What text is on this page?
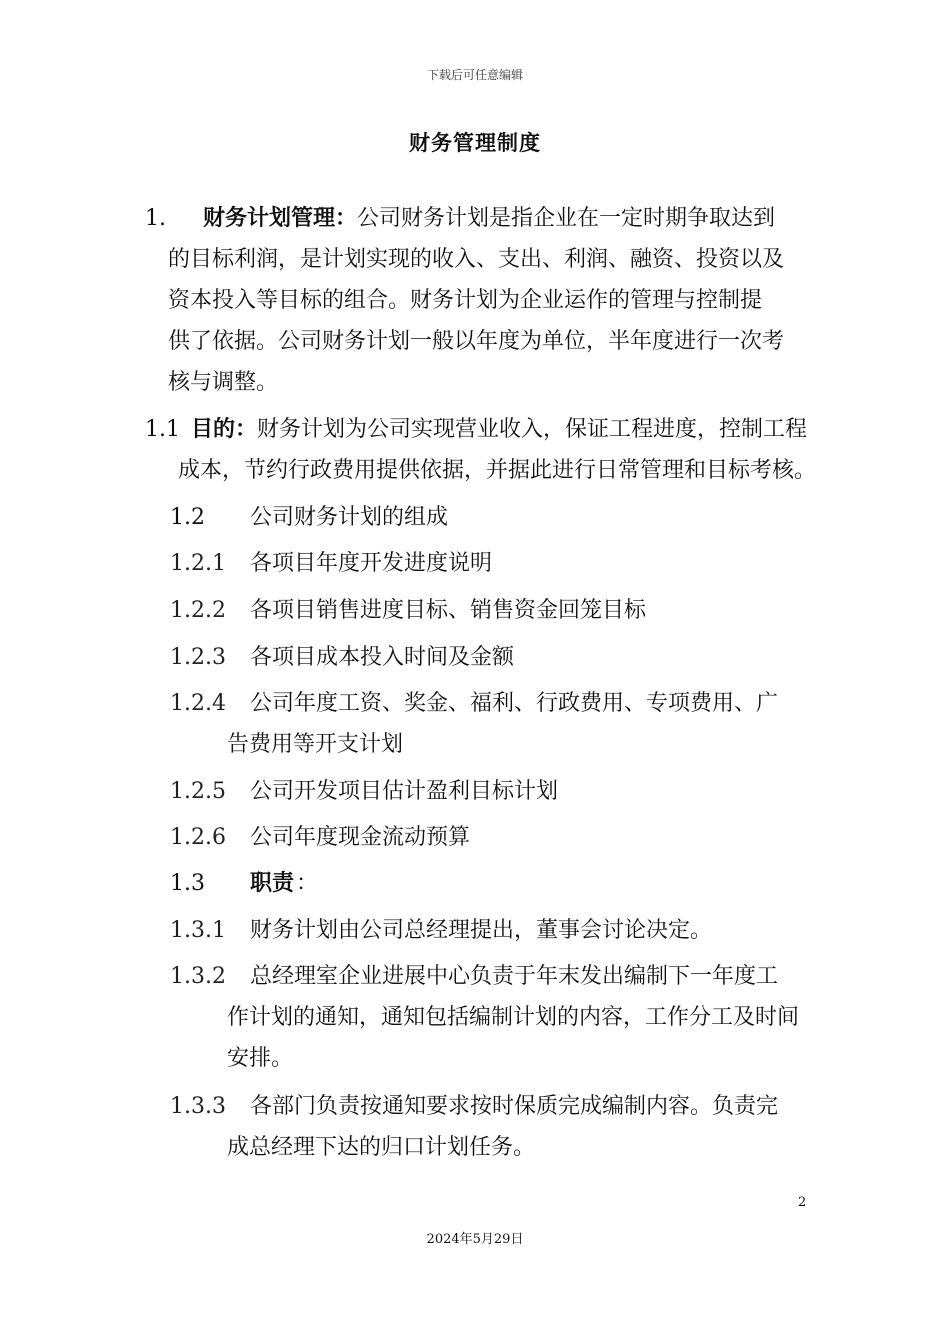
下载后可任意编辑
财务管理制度
1. 财务计划管理：公司财务计划是指企业在一定时期争取达到
的目标利润，是计划实现的收入、支出、利润、融资、投资以及
资本投入等目标的组合。财务计划为企业运作的管理与控制提
供了依据。公司财务计划一般以年度为单位，半年度进行一次考
核与调整。
1.1 目的：财务计划为公司实现营业收入，保证工程进度，控制工程
成本，节约行政费用提供依据，并据此进行日常管理和目标考核。
1.2 公司财务计划的组成
1.2.1 各项目年度开发进度说明
1.2.2 各项目销售进度目标、销售资金回笼目标
1.2.3 各项目成本投入时间及金额
1.2.4 公司年度工资、奖金、福利、行政费用、专项费用、广
告费用等开支计划
1.2.5 公司开发项目估计盈利目标计划
1.2.6 公司年度现金流动预算
1.3 职责 ：
1.3.1 财务计划由公司总经理提出，董事会讨论决定。
1.3.2 总经理室企业进展中心负责于年末发出编制下一年度工
作计划的通知，通知包括编制计划的内容，工作分工及时间
安排。
1.3.3 各部门负责按通知要求按时保质完成编制内容。负责完
成总经理下达的归口计划任务。
2
2024年5月29日
